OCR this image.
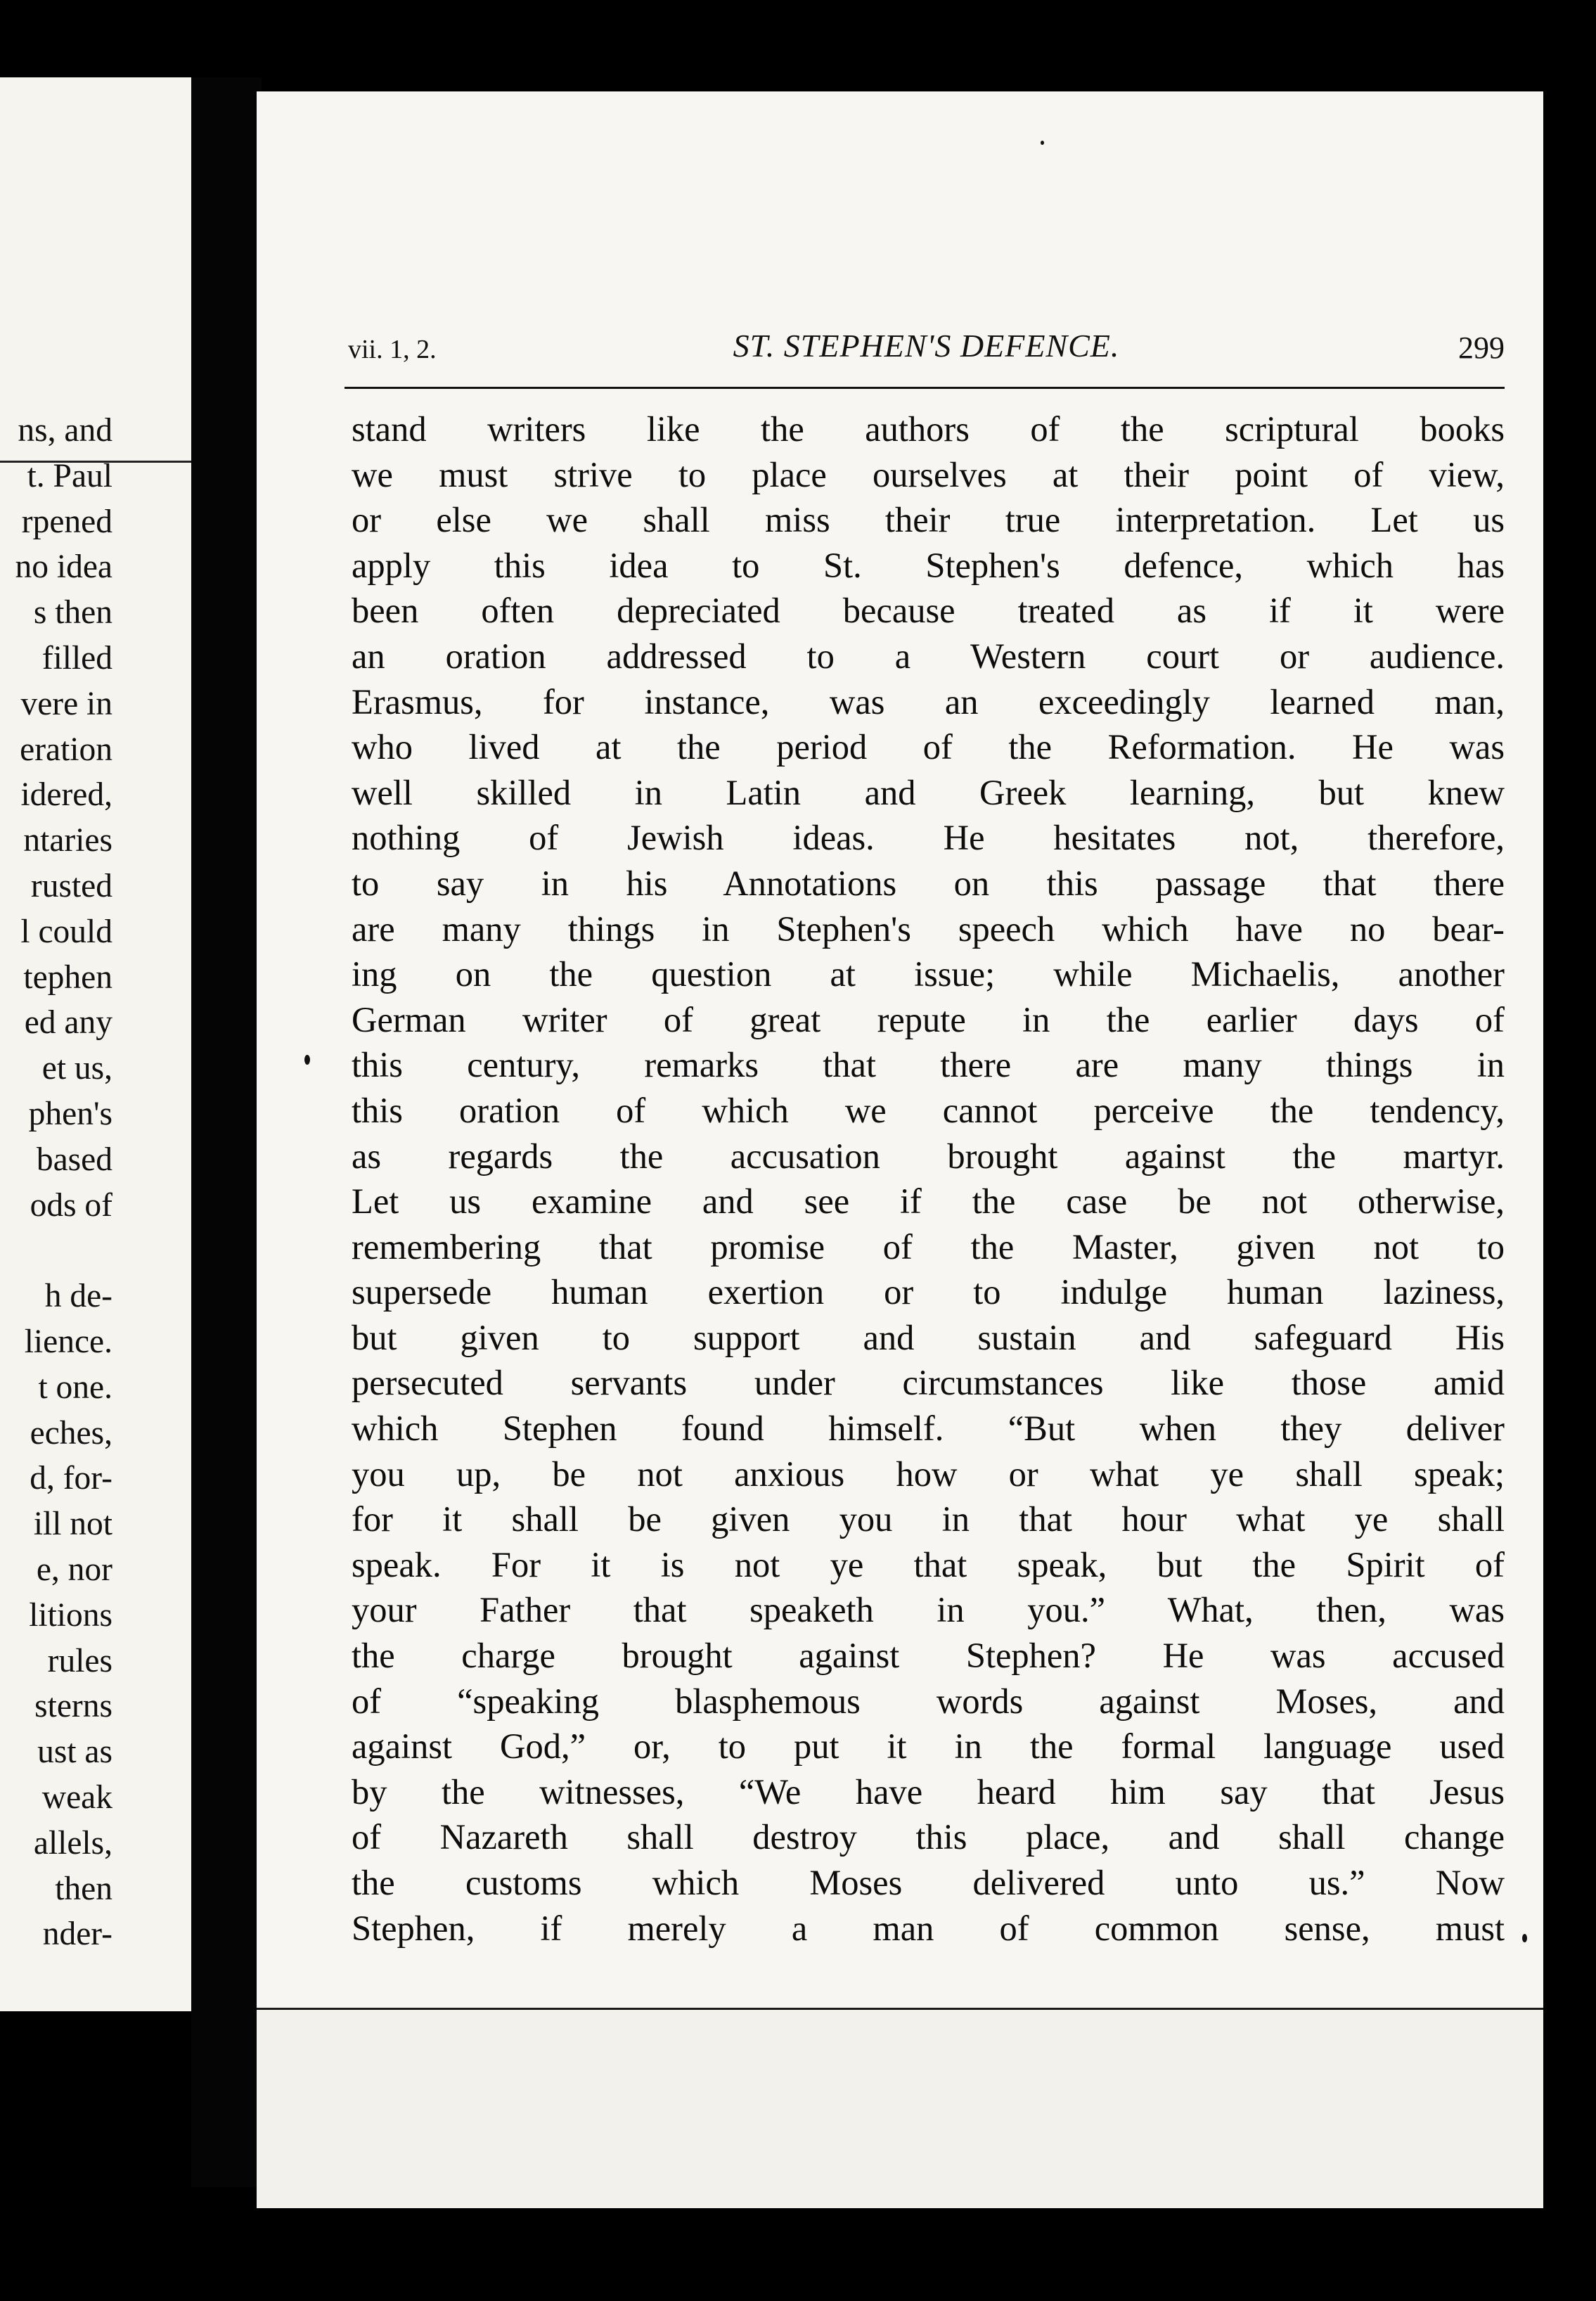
ns, and
t. Paul
rpened
no idea
s then
filled
vere in
eration
idered,
ntaries
rusted
l could
tephen
ed any
et us,
phen's
based
ods of
h de-
lience.
t one.
eches,
d, for-
ill not
e, nor
litions
rules
sterns
ust as
weak
allels,
then
nder-
vii. 1, 2.	ST. STEPHEN'S DEFENCE.	299
stand writers like the authors of the scriptural books
we must strive to place ourselves at their point of view,
or else we shall miss their true interpretation. Let us
apply this idea to St. Stephen's defence, which has
been often depreciated because treated as if it were
an oration addressed to a Western court or audience.
Erasmus, for instance, was an exceedingly learned man,
who lived at the period of the Reformation. He was
well skilled in Latin and Greek learning, but knew
nothing of Jewish ideas. He hesitates not, therefore,
to say in his Annotations on this passage that there
are many things in Stephen's speech which have no bear-
ing on the question at issue; while Michaelis, another
German writer of great repute in the earlier days of
this century, remarks that there are many things in
this oration of which we cannot perceive the tendency,
as regards the accusation brought against the martyr.
Let us examine and see if the case be not otherwise,
remembering that promise of the Master, given not to
supersede human exertion or to indulge human laziness,
but given to support and sustain and safeguard His
persecuted servants under circumstances like those amid
which Stephen found himself. “But when they deliver
you up, be not anxious how or what ye shall speak;
for it shall be given you in that hour what ye shall
speak. For it is not ye that speak, but the Spirit of
your Father that speaketh in you.” What, then, was
the charge brought against Stephen? He was accused
of “speaking blasphemous words against Moses, and
against God,” or, to put it in the formal language used
by the witnesses, “We have heard him say that Jesus
of Nazareth shall destroy this place, and shall change
the customs which Moses delivered unto us.” Now
Stephen, if merely a man of common sense, must
